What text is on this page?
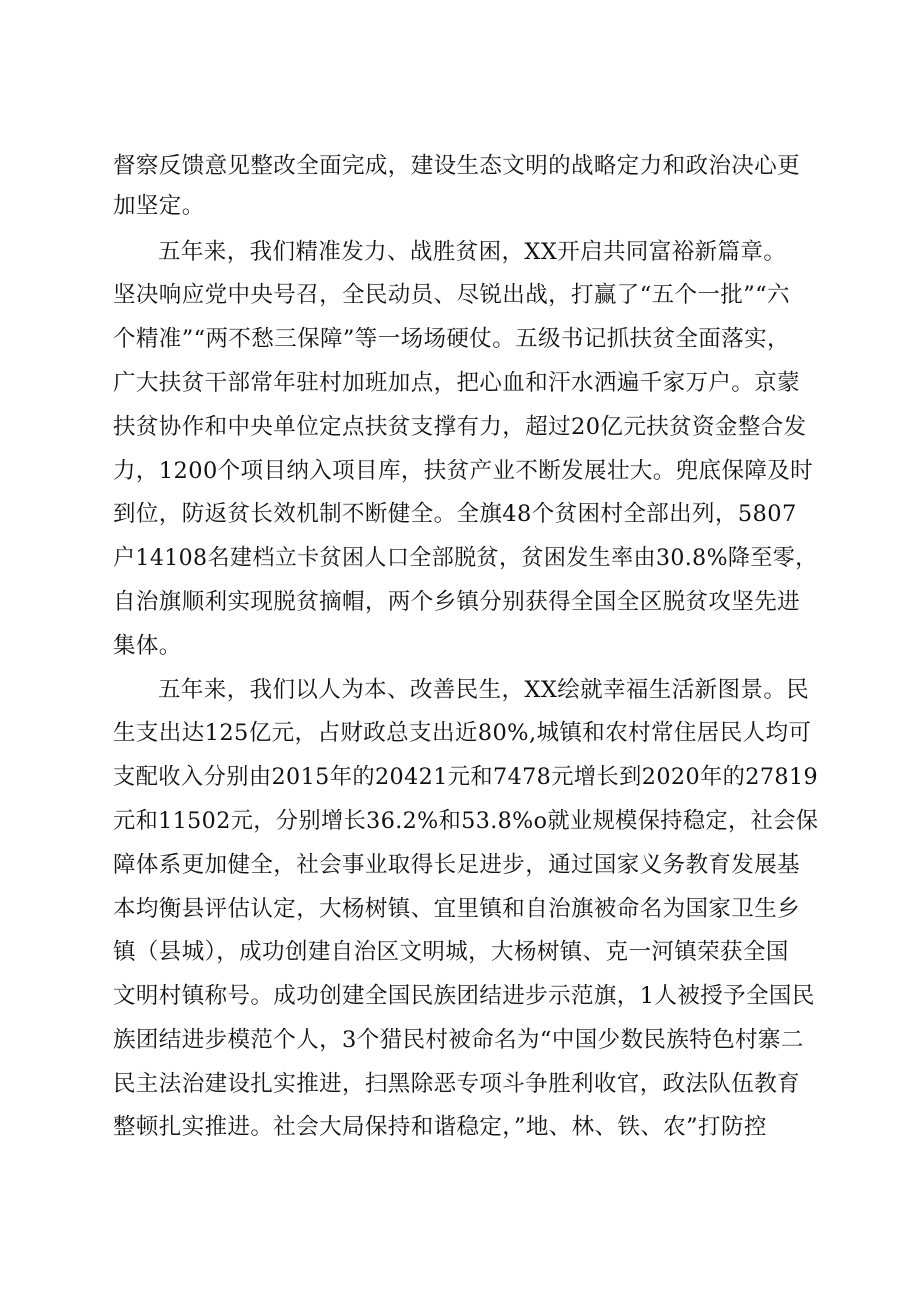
督察反馈意见整改全面完成，建设生态文明的战略定力和政治决心更
加坚定。
五年来，我们精准发力、战胜贫困，XX开启共同富裕新篇章。
坚决响应党中央号召，全民动员、尽锐出战，打赢了“五个一批”“六
个精准”“两不愁三保障”等一场场硬仗。五级书记抓扶贫全面落实，
广大扶贫干部常年驻村加班加点，把心血和汗水洒遍千家万户。京蒙
扶贫协作和中央单位定点扶贫支撑有力，超过20亿元扶贫资金整合发
力，1200个项目纳入项目库，扶贫产业不断发展壮大。兜底保障及时
到位，防返贫长效机制不断健全。全旗48个贫困村全部出列，5807
户14108名建档立卡贫困人口全部脱贫，贫困发生率由30.8%降至零，
自治旗顺利实现脱贫摘帽，两个乡镇分别获得全国全区脱贫攻坚先进
集体。
五年来，我们以人为本、改善民生，XX绘就幸福生活新图景。民
生支出达125亿元，占财政总支出近80%,城镇和农村常住居民人均可
支配收入分别由2015年的20421元和7478元增长到2020年的27819
元和11502元，分别增长36.2%和53.8%o就业规模保持稳定，社会保
障体系更加健全，社会事业取得长足进步，通过国家义务教育发展基
本均衡县评估认定，大杨树镇、宜里镇和自治旗被命名为国家卫生乡
镇（县城），成功创建自治区文明城，大杨树镇、克一河镇荣获全国
文明村镇称号。成功创建全国民族团结进步示范旗，1人被授予全国民
族团结进步模范个人，3个猎民村被命名为“中国少数民族特色村寨二
民主法治建设扎实推进，扫黑除恶专项斗争胜利收官，政法队伍教育
整顿扎实推进。社会大局保持和谐稳定，”地、林、铁、农”打防控
